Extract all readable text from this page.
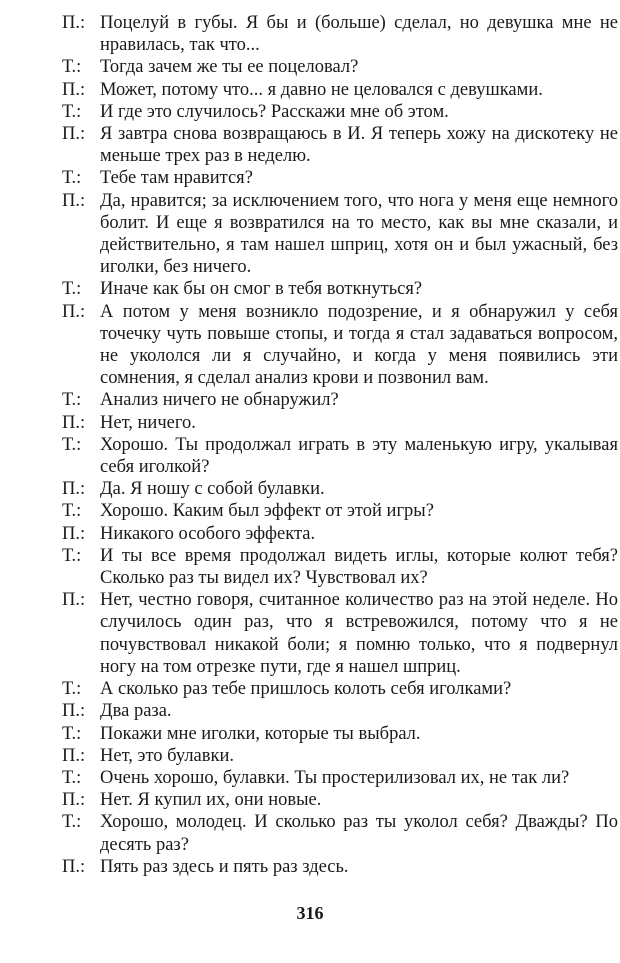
П.: Поцелуй в губы. Я бы и (больше) сделал, но девушка мне не нравилась, так что...
Т.:	Тогда зачем же ты ее поцеловал?
П.: Может, потому что... я давно не целовался с девушками.
Т.:	И где это случилось? Расскажи мне об этом.
П.: Я завтра снова возвращаюсь в И. Я теперь хожу на дискотеку не меньше трех раз в неделю.
Т.:	Тебе там нравится?
П.: Да, нравится; за исключением того, что нога у меня еще немного болит. И еще я возвратился на то место, как вы мне сказали, и действительно, я там нашел шприц, хотя он и был ужасный, без иголки, без ничего.
Т.:	Иначе как бы он смог в тебя воткнуться?
П.: А потом у меня возникло подозрение, и я обнаружил у себя точечку чуть повыше стопы, и тогда я стал задаваться вопросом, не укололся ли я случайно, и когда у меня появились эти сомнения, я сделал анализ крови и позвонил вам.
Т.:	Анализ ничего не обнаружил?
П.: Нет, ничего.
Т.:	Хорошо. Ты продолжал играть в эту маленькую игру, укалывая себя иголкой?
П.: Да. Я ношу с собой булавки.
Т.:	Хорошо. Каким был эффект от этой игры?
П.: Никакого особого эффекта.
Т.:	И ты все время продолжал видеть иглы, которые колют тебя? Сколько раз ты видел их? Чувствовал их?
П.: Нет, честно говоря, считанное количество раз на этой неделе. Но случилось один раз, что я встревожился, потому что я не почувствовал никакой боли; я помню только, что я подвернул ногу на том отрезке пути, где я нашел шприц.
Т.:	А сколько раз тебе пришлось колоть себя иголками?
П.: Два раза.
Т.:	Покажи мне иголки, которые ты выбрал.
П.: Нет, это булавки.
Т.:	Очень хорошо, булавки. Ты простерилизовал их, не так ли?
П.: Нет. Я купил их, они новые.
Т.:	Хорошо, молодец. И сколько раз ты уколол себя? Дважды? По десять раз?
П.: Пять раз здесь и пять раз здесь.
316
